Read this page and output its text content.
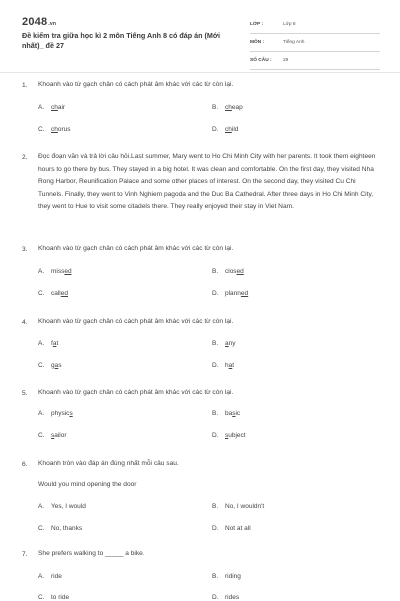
2048.vn
Đề kiểm tra giữa học kì 2 môn Tiếng Anh 8 có đáp án (Mới nhất)_ đề 27
LỚP :	Lớp 8
MÔN :	Tiếng Anh
SỐ CÂU :	29
1. Khoanh vào từ gạch chân có cách phát âm khác với các từ còn lại.
A. chair	B. cheap
C. chorus	D. child
2. Đọc đoạn văn và trả lời câu hỏi.Last summer, Mary went to Ho Chi Minh City with her parents. It took them eighteen hours to go there by bus. They stayed in a big hotel. It was clean and comfortable. On the first day, they visited Nha Rong Harbor, Reunification Palace and some other places of interest. On the second day, they visited Cu Chi Tunnels. Finally, they went to Vinh Nghiem pagoda and the Duc Ba Cathedral. After three days in Ho Chi Minh City, they went to Hue to visit some citadels there. They really enjoyed their stay in Viet Nam.
3. Khoanh vào từ gạch chân có cách phát âm khác với các từ còn lại.
A. missed	B. closed
C. called	D. planned
4. Khoanh vào từ gạch chân có cách phát âm khác với các từ còn lại.
A. fat	B. any
C. gas	D. hat
5. Khoanh vào từ gạch chân có cách phát âm khác với các từ còn lại.
A. physics	B. basic
C. sailor	D. subject
6. Khoanh tròn vào đáp án đúng nhất mỗi câu sau.
Would you mind opening the door
A. Yes, I would	B. No, I wouldn't
C. No, thanks	D. Not at all
7. She prefers walking to _____ a bike.
A. ride	B. riding
C. to ride	D. rides
